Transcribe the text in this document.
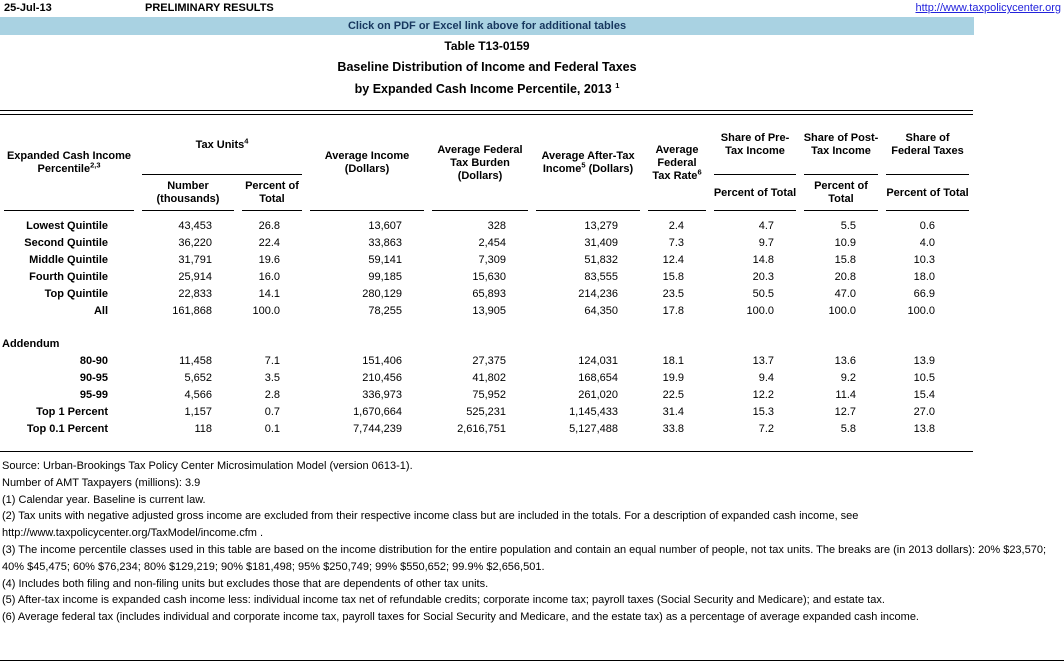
25-Jul-13	PRELIMINARY RESULTS	http://www.taxpolicycenter.org
Click on PDF or Excel link above for additional tables
Table T13-0159
Baseline Distribution of Income and Federal Taxes
by Expanded Cash Income Percentile, 2013 $^1$
Expanded Cash Income Percentile$^{2,3}$	Tax Units$^4$		Average Income (Dollars)	Average Federal Tax Burden (Dollars)	Average After-Tax Income$^5$ (Dollars)	Average Federal Tax Rate$^6$	Share of Pre-Tax Income	Share of Post-Tax Income	Share of Federal Taxes
	Number (thousands)	Percent of Total					Percent of Total	Percent of Total	Percent of Total

Lowest Quintile	43,453	26.8	13,607	328	13,279	2.4	4.7	5.5	0.6
Second Quintile	36,220	22.4	33,863	2,454	31,409	7.3	9.7	10.9	4.0
Middle Quintile	31,791	19.6	59,141	7,309	51,832	12.4	14.8	15.8	10.3
Fourth Quintile	25,914	16.0	99,185	15,630	83,555	15.8	20.3	20.8	18.0
Top Quintile	22,833	14.1	280,129	65,893	214,236	23.5	50.5	47.0	66.9
All	161,868	100.0	78,255	13,905	64,350	17.8	100.0	100.0	100.0

Addendum									
80-90	11,458	7.1	151,406	27,375	124,031	18.1	13.7	13.6	13.9
90-95	5,652	3.5	210,456	41,802	168,654	19.9	9.4	9.2	10.5
95-99	4,566	2.8	336,973	75,952	261,020	22.5	12.2	11.4	15.4
Top 1 Percent	1,157	0.7	1,670,664	525,231	1,145,433	31.4	15.3	12.7	27.0
Top 0.1 Percent	118	0.1	7,744,239	2,616,751	5,127,488	33.8	7.2	5.8	13.8

Source: Urban-Brookings Tax Policy Center Microsimulation Model (version 0613-1).
Number of AMT Taxpayers (millions): 3.9
(1) Calendar year. Baseline is current law.
(2) Tax units with negative adjusted gross income are excluded from their respective income class but are included in the totals. For a description of expanded cash income, see http://www.taxpolicycenter.org/TaxModel/income.cfm .
(3) The income percentile classes used in this table are based on the income distribution for the entire population and contain an equal number of people, not tax units. The breaks are (in 2013 dollars): 20% $23,570; 40% $45,475; 60% $76,234; 80% $129,219; 90% $181,498; 95% $250,749; 99% $550,652; 99.9% $2,656,501.
(4) Includes both filing and non-filing units but excludes those that are dependents of other tax units.
(5) After-tax income is expanded cash income less: individual income tax net of refundable credits; corporate income tax; payroll taxes (Social Security and Medicare); and estate tax.
(6) Average federal tax (includes individual and corporate income tax, payroll taxes for Social Security and Medicare, and the estate tax) as a percentage of average expanded cash income.
